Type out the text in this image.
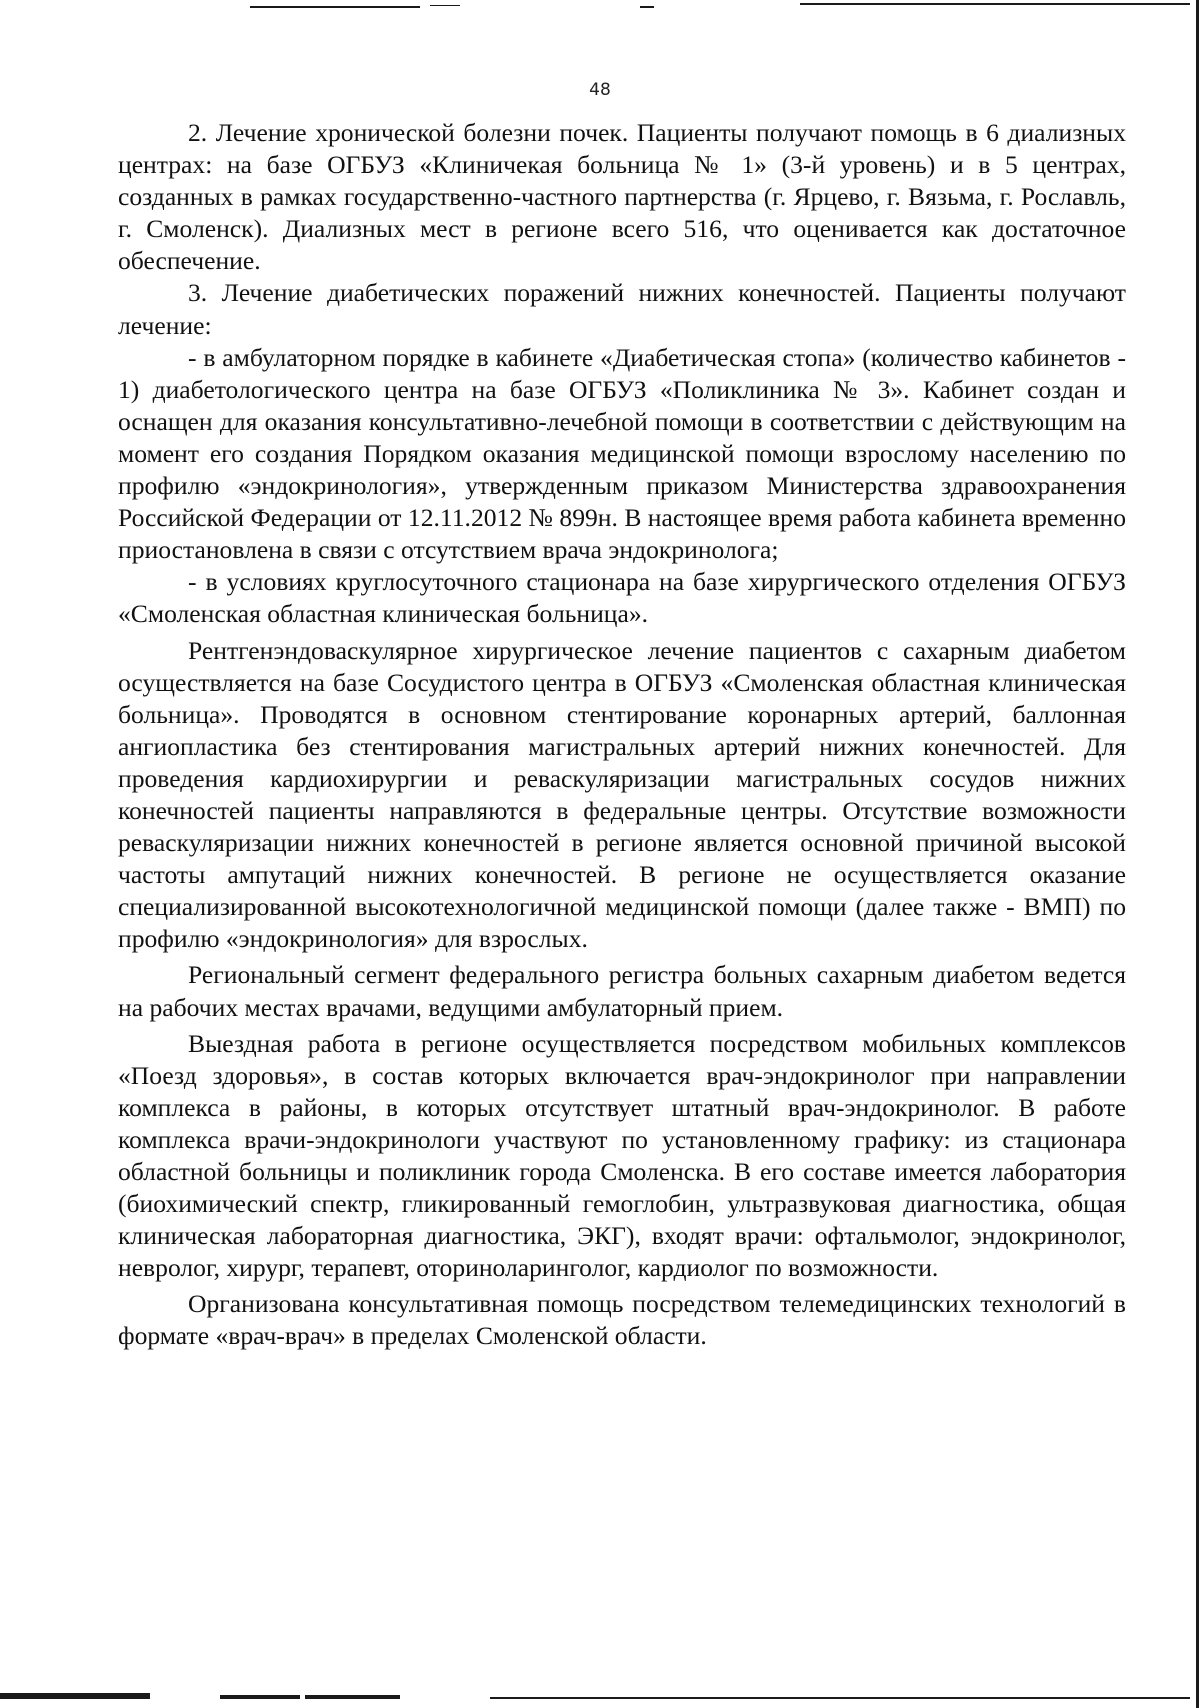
48

2. Лечение хронической болезни почек. Пациенты получают помощь в 6 диализных центрах: на базе ОГБУЗ «Клиничекая больница № 1» (3-й уровень) и в 5 центрах, созданных в рамках государственно-частного партнерства (г. Ярцево, г. Вязьма, г. Рославль, г. Смоленск). Диализных мест в регионе всего 516, что оценивается как достаточное обеспечение.

3. Лечение диабетических поражений нижних конечностей. Пациенты получают лечение:

- в амбулаторном порядке в кабинете «Диабетическая стопа» (количество кабинетов - 1) диабетологического центра на базе ОГБУЗ «Поликлиника № 3». Кабинет создан и оснащен для оказания консультативно-лечебной помощи в соответствии с действующим на момент его создания Порядком оказания медицинской помощи взрослому населению по профилю «эндокринология», утвержденным приказом Министерства здравоохранения Российской Федерации от 12.11.2012 № 899н. В настоящее время работа кабинета временно приостановлена в связи с отсутствием врача эндокринолога;

- в условиях круглосуточного стационара на базе хирургического отделения ОГБУЗ «Смоленская областная клиническая больница».

Рентгенэндоваскулярное хирургическое лечение пациентов с сахарным диабетом осуществляется на базе Сосудистого центра в ОГБУЗ «Смоленская областная клиническая больница». Проводятся в основном стентирование коронарных артерий, баллонная ангиопластика без стентирования магистральных артерий нижних конечностей. Для проведения кардиохирургии и реваскуляризации магистральных сосудов нижних конечностей пациенты направляются в федеральные центры. Отсутствие возможности реваскуляризации нижних конечностей в регионе является основной причиной высокой частоты ампутаций нижних конечностей. В регионе не осуществляется оказание специализированной высокотехнологичной медицинской помощи (далее также - ВМП) по профилю «эндокринология» для взрослых.

Региональный сегмент федерального регистра больных сахарным диабетом ведется на рабочих местах врачами, ведущими амбулаторный прием.

Выездная работа в регионе осуществляется посредством мобильных комплексов «Поезд здоровья», в состав которых включается врач-эндокринолог при направлении комплекса в районы, в которых отсутствует штатный врач-эндокринолог. В работе комплекса врачи-эндокринологи участвуют по установленному графику: из стационара областной больницы и поликлиник города Смоленска. В его составе имеется лаборатория (биохимический спектр, гликированный гемоглобин, ультразвуковая диагностика, общая клиническая лабораторная диагностика, ЭКГ), входят врачи: офтальмолог, эндокринолог, невролог, хирург, терапевт, оториноларинголог, кардиолог по возможности.

Организована консультативная помощь посредством телемедицинских технологий в формате «врач-врач» в пределах Смоленской области.
